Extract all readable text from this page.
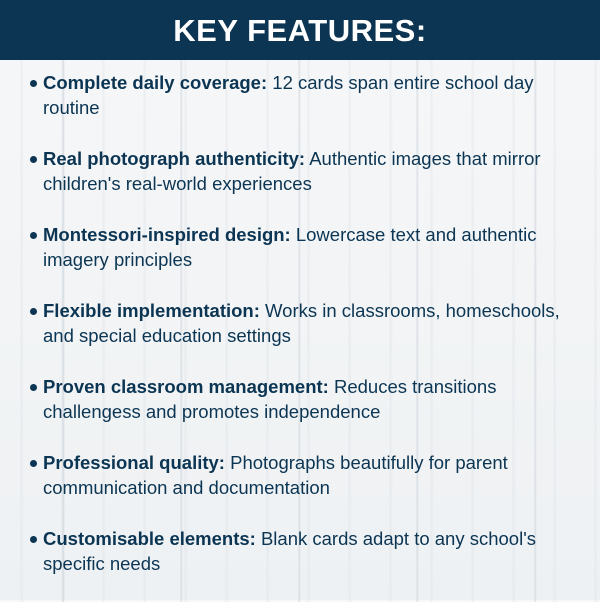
KEY FEATURES:

Complete daily coverage: 12 cards span entire school day routine

Real photograph authenticity: Authentic images that mirror children's real-world experiences

Montessori-inspired design: Lowercase text and authentic imagery principles

Flexible implementation: Works in classrooms, homeschools, and special education settings

Proven classroom management: Reduces transitions challengess and promotes independence

Professional quality: Photographs beautifully for parent communication and documentation

Customisable elements: Blank cards adapt to any school's specific needs
